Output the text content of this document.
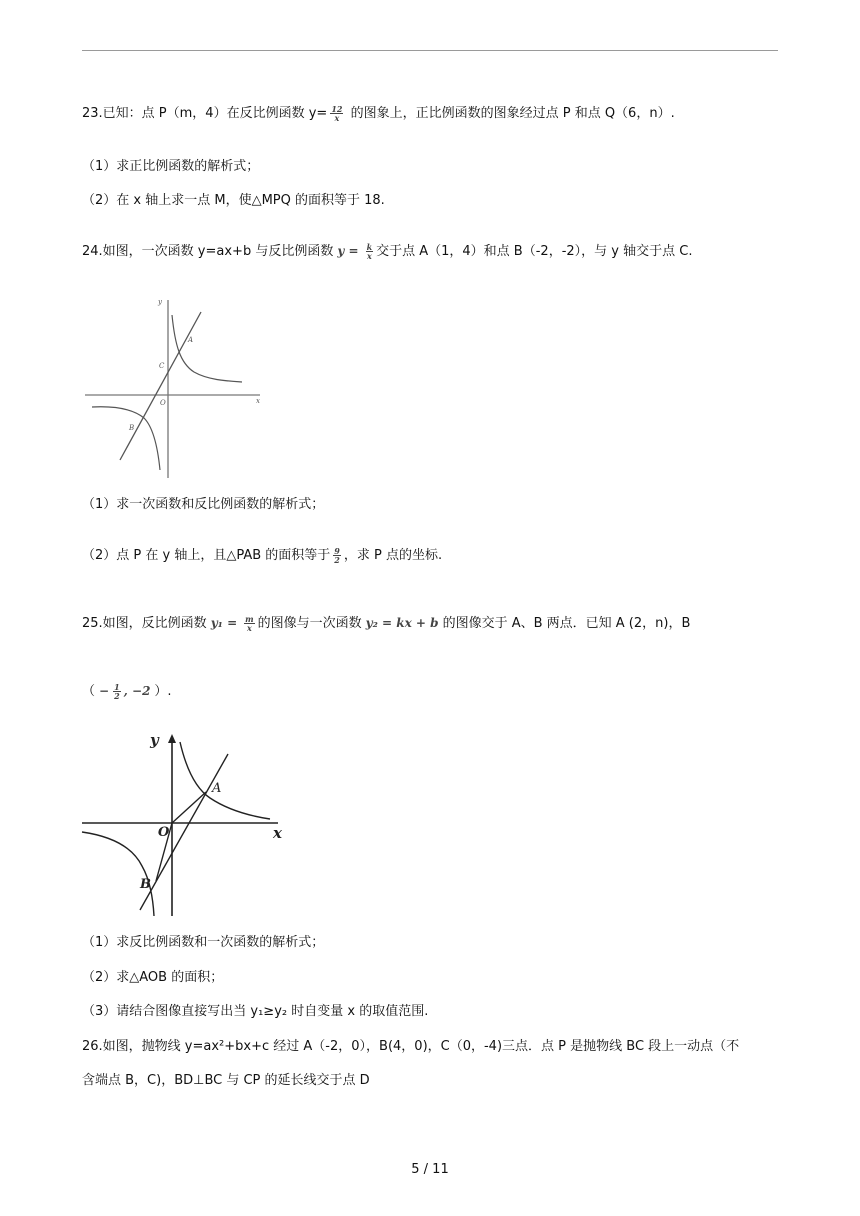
23.已知：点 P（m，4）在反比例函数 $y= \frac{12}{x}$ 的图象上，正比例函数的图象经过点 P 和点 Q（6，n）.
（1）求正比例函数的解析式；
（2）在 x 轴上求一点 M，使△MPQ 的面积等于 18.
24.如图，一次函数 y=ax+b 与反比例函数 $y = \frac{k}{x}$ 交于点 A（1，4）和点 B（-2，-2），与 y 轴交于点 C.
y
x
O
A
B
C
（1）求一次函数和反比例函数的解析式；
（2）点 P 在 y 轴上，且△PAB 的面积等于 $\frac{9}{2}$ ，求 P 点的坐标.
25.如图，反比例函数 $y_1 = \frac{m}{x}$ 的图像与一次函数 y₂ = kx + b 的图像交于 A、B 两点．已知 A (2，n)，B
（ − $\frac{1}{2}$ , −2 ）.
y
x
O
A
B
（1）求反比例函数和一次函数的解析式；
（2）求△AOB 的面积；
（3）请结合图像直接写出当 y₁≥y₂ 时自变量 x 的取值范围.
26.如图，抛物线 y=ax²+bx+c 经过 A（-2，0），B(4，0)，C（0，-4)三点．点 P 是抛物线 BC 段上一动点（不
含端点 B，C)，BD⊥BC 与 CP 的延长线交于点 D
5 / 11
